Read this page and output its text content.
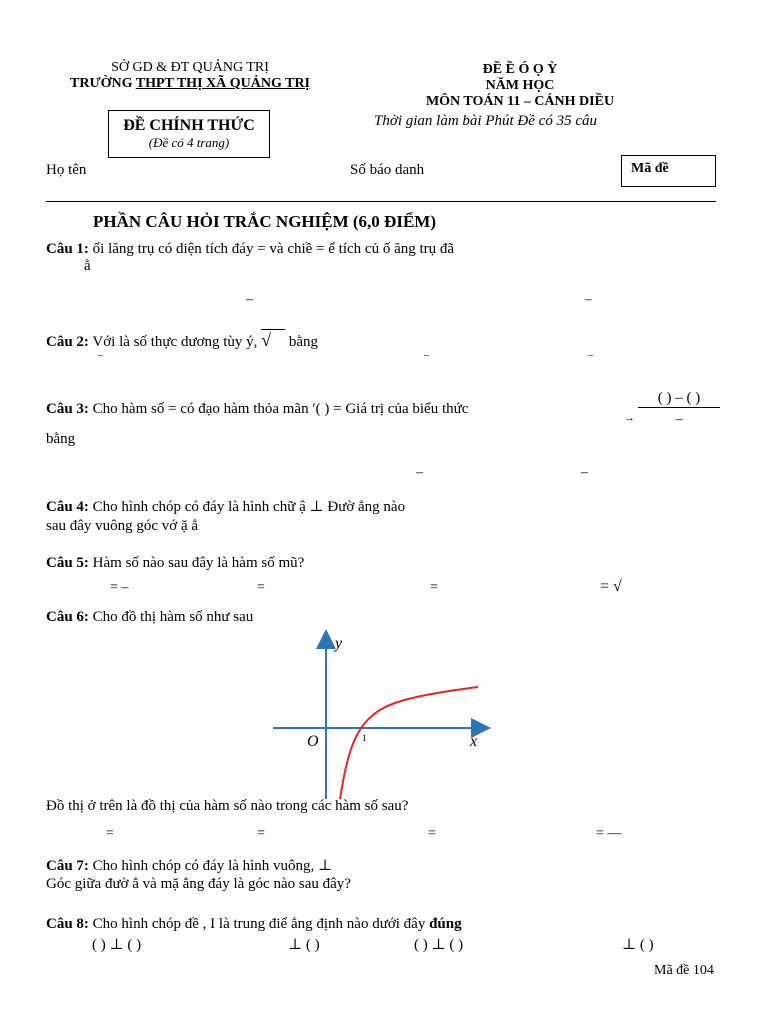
SỞ GD & ĐT QUẢNG TRỊ
TRƯỜNG THPT THỊ XÃ QUẢNG TRỊ
ĐỀ CHÍNH THỨC
(Đề có 4 trang)
ĐỀ Ề Ó Ọ Ỳ
NĂM HỌC
MÔN TOÁN 11 – CÁNH DIỀU
Thời gian làm bài Phút Đề có 35 câu
Họ tên	Số báo danh	Mã đề
PHẦN CÂU HỎI TRẮC NGHIỆM (6,0 ĐIỂM)
Câu 1: ối lăng trụ có diện tích đáy = và chiề = ể tích củ ố ăng trụ đã
ằ
–	–
Câu 2: Với là số thực dương tùy ý, √ bằng
–	–	–
Câu 3: Cho hàm số = có đạo hàm thỏa mãn ′( ) = Giá trị của biểu thức
→
( ) – ( )
–
bằng
–	–
Câu 4: Cho hình chóp có đáy là hình chữ ậ ⊥ Đườ ẳng nào
sau đây vuông góc vớ ặ ẳ
Câu 5: Hàm số nào sau đây là hàm số mũ?
= –	=	=	= √
Câu 6: Cho đồ thị hàm số như sau
y
x
O	1
Đồ thị ở trên là đồ thị của hàm số nào trong các hàm số sau?
=	=	=	= —
Câu 7: Cho hình chóp có đáy là hình vuông, ⊥
Góc giữa đườ ẳ và mặ ẳng đáy là góc nào sau đây?
Câu 8: Cho hình chóp đề , I là trung điể ẳng định nào dưới đây đúng
( ) ⊥ ( )	⊥ ( )	( ) ⊥ ( )	⊥ ( )
Mã đề 104
